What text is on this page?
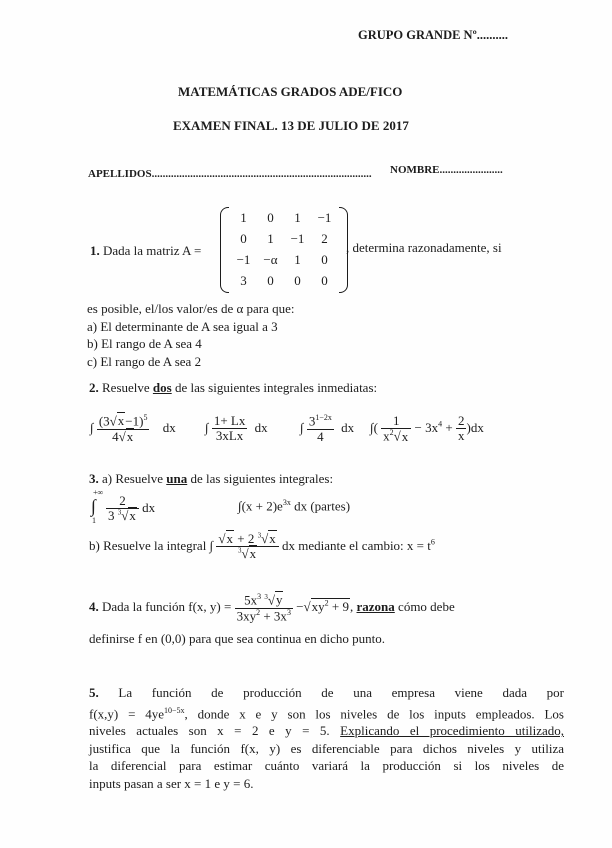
GRUPO GRANDE Nº..........
MATEMÁTICAS GRADOS ADE/FICO
EXAMEN FINAL. 13 DE JULIO DE 2017
APELLIDOS................................................................................ NOMBRE.......................
1. Dada la matriz A =
1	0	1	−1
0	1	−1	2
−1	−α	1	0
3	0	0	0
, determina razonadamente, si
es posible, el/los valor/es de α para que:
a) El determinante de A sea igual a 3
b) El rango de A sea 4
c) El rango de A sea 2
2. Resuelve dos de las siguientes integrales inmediatas:
∫ $\frac{(3√x-1)^5}{4√x}$ dx ∫ $\frac{1+ Lx}{\text{3xLx}}$ dx ∫ $\frac{3^{1-2x}}{4}$ dx ∫( $\frac{1}{x^2√x} - 3x^4 + \frac{2}{x} )dx$
3. a) Resuelve una de las siguientes integrales:
+∞
∫
$1 \frac{2}{3 ^3√x}$ dx	$\int(x + 2)e^{3x}$ dx (partes)
b) Resuelve la integral ∫ $\frac{√x + 2 ^3√x}{^3√x}$ dx mediante el cambio: $x = t^6$
4. Dada la función f(x, $y) = \frac{5x^3 ^3√y}{3xy^2 + 3x^3} -√xy^2 + 9$, razona cómo debe
definirse f en (0,0) para que sea continua en dicho punto.
5. La función de producción de una empresa viene dada por
$f(x,y) = 4ye^{10-5x}$, donde x e y son los niveles de los inputs empleados. Los
niveles actuales son x = 2 e y = 5. Explicando el procedimiento utilizado,
justifica que la función f(x, y) es diferenciable para dichos niveles y utiliza
la diferencial para estimar cuánto variará la producción si los niveles de
inputs pasan a ser x = 1 e y = 6.
